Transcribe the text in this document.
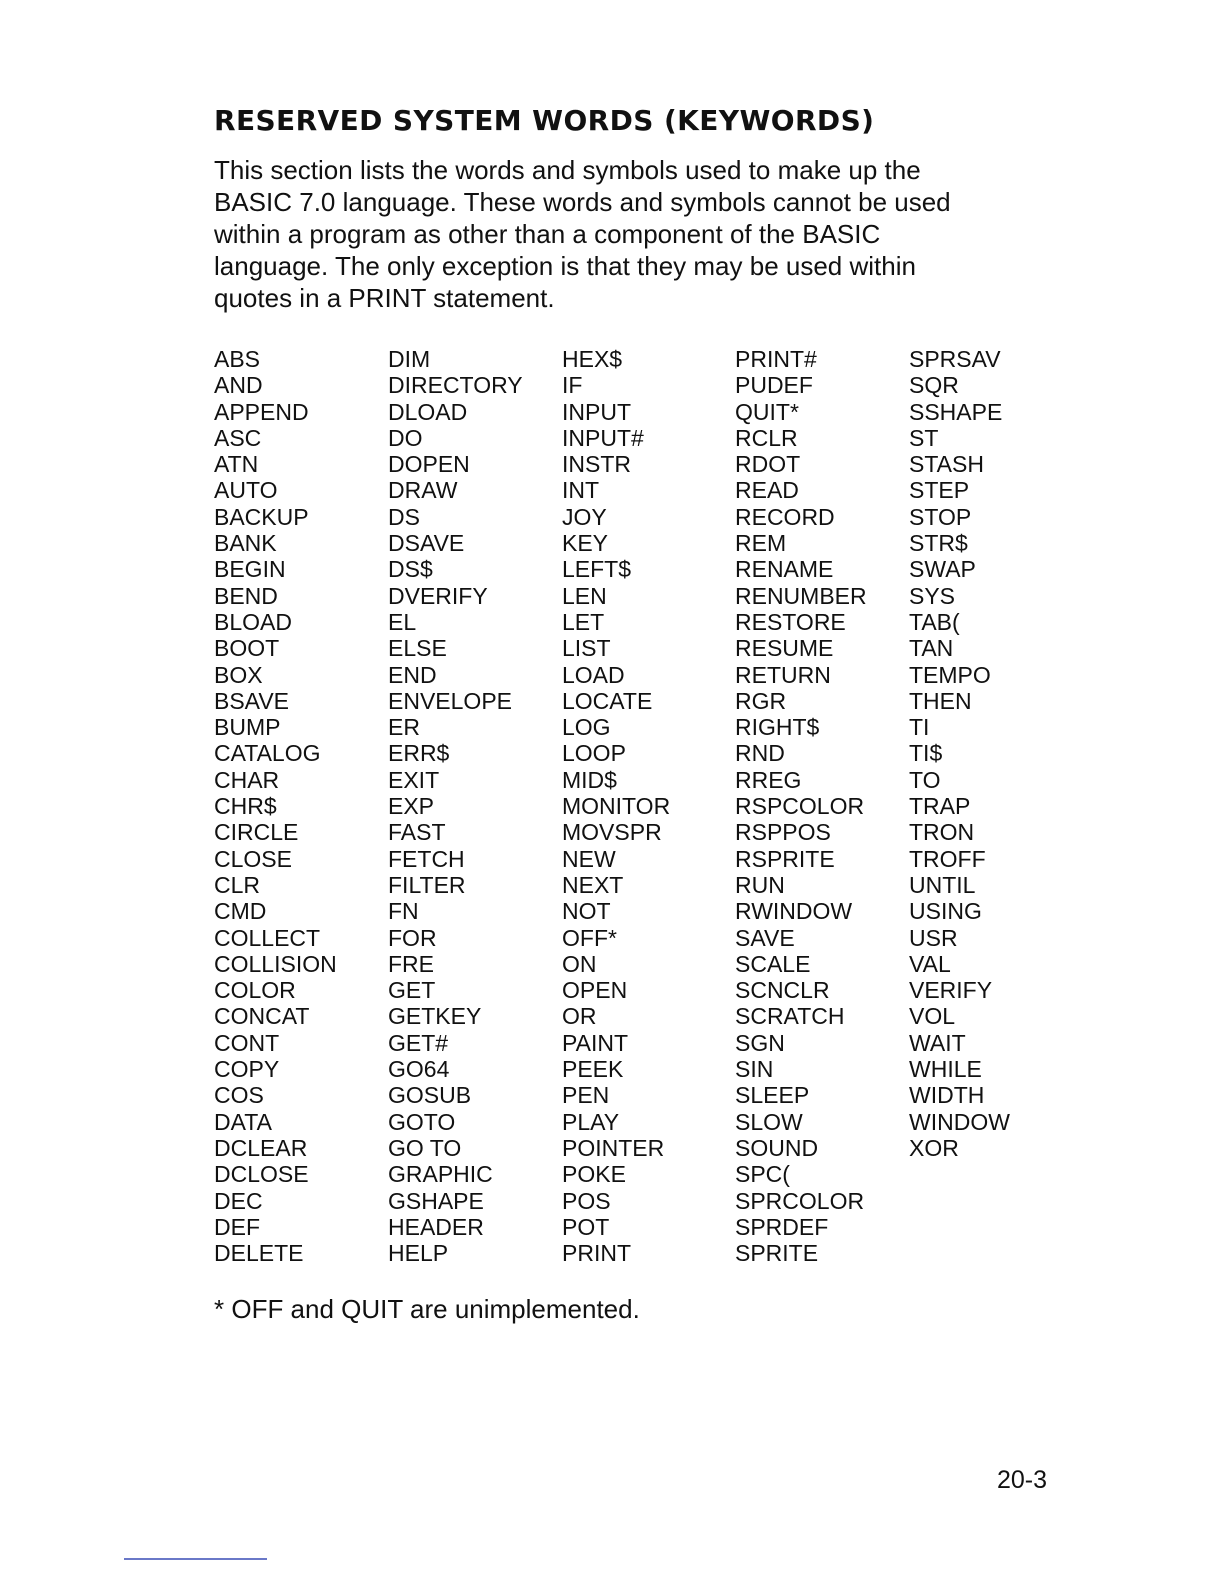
RESERVED SYSTEM WORDS (KEYWORDS)

This section lists the words and symbols used to make up the
BASIC 7.0 language. These words and symbols cannot be used
within a program as other than a component of the BASIC
language. The only exception is that they may be used within
quotes in a PRINT statement.

ABS
AND
APPEND
ASC
ATN
AUTO
BACKUP
BANK
BEGIN
BEND
BLOAD
BOOT
BOX
BSAVE
BUMP
CATALOG
CHAR
CHR$
CIRCLE
CLOSE
CLR
CMD
COLLECT
COLLISION
COLOR
CONCAT
CONT
COPY
COS
DATA
DCLEAR
DCLOSE
DEC
DEF
DELETE
DIM
DIRECTORY
DLOAD
DO
DOPEN
DRAW
DS
DSAVE
DS$
DVERIFY
EL
ELSE
END
ENVELOPE
ER
ERR$
EXIT
EXP
FAST
FETCH
FILTER
FN
FOR
FRE
GET
GETKEY
GET#
GO64
GOSUB
GOTO
GO TO
GRAPHIC
GSHAPE
HEADER
HELP
HEX$
IF
INPUT
INPUT#
INSTR
INT
JOY
KEY
LEFT$
LEN
LET
LIST
LOAD
LOCATE
LOG
LOOP
MID$
MONITOR
MOVSPR
NEW
NEXT
NOT
OFF*
ON
OPEN
OR
PAINT
PEEK
PEN
PLAY
POINTER
POKE
POS
POT
PRINT
PRINT#
PUDEF
QUIT*
RCLR
RDOT
READ
RECORD
REM
RENAME
RENUMBER
RESTORE
RESUME
RETURN
RGR
RIGHT$
RND
RREG
RSPCOLOR
RSPPOS
RSPRITE
RUN
RWINDOW
SAVE
SCALE
SCNCLR
SCRATCH
SGN
SIN
SLEEP
SLOW
SOUND
SPC(
SPRCOLOR
SPRDEF
SPRITE
SPRSAV
SQR
SSHAPE
ST
STASH
STEP
STOP
STR$
SWAP
SYS
TAB(
TAN
TEMPO
THEN
TI
TI$
TO
TRAP
TRON
TROFF
UNTIL
USING
USR
VAL
VERIFY
VOL
WAIT
WHILE
WIDTH
WINDOW
XOR

* OFF and QUIT are unimplemented.

20-3
